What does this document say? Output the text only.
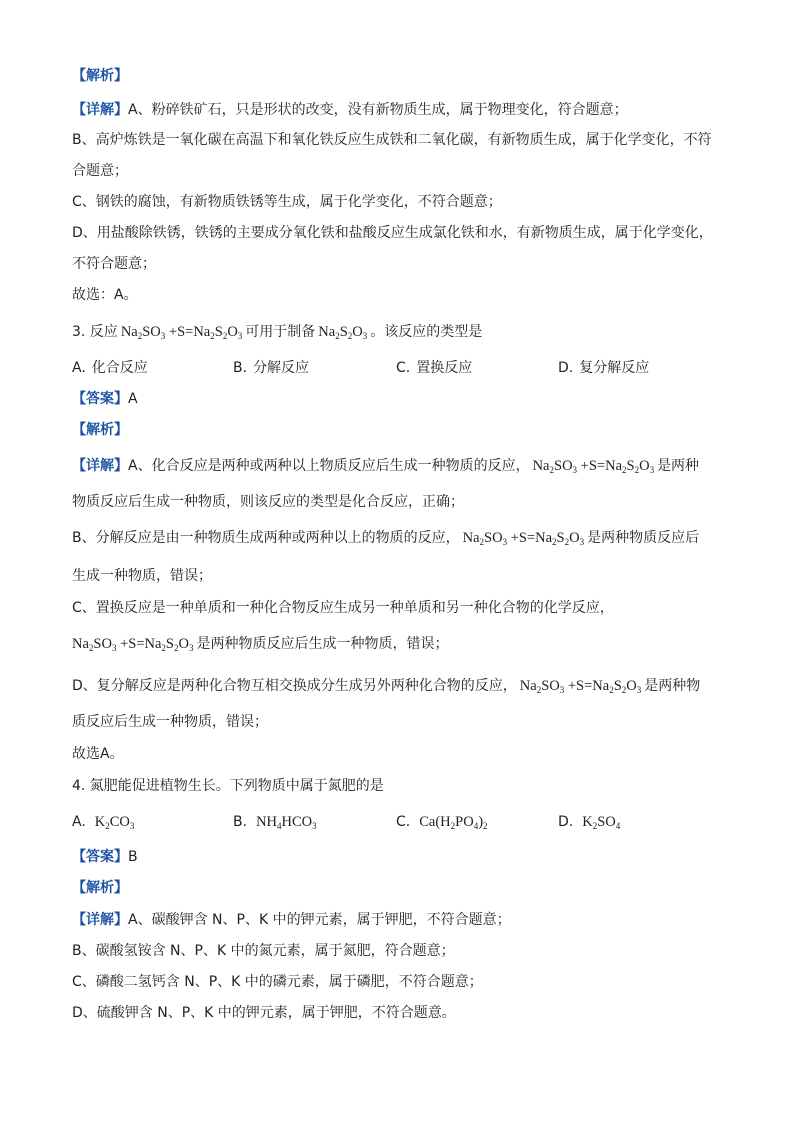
【解析】
【详解】A、粉碎铁矿石，只是形状的改变，没有新物质生成，属于物理变化，符合题意；
B、高炉炼铁是一氧化碳在高温下和氧化铁反应生成铁和二氧化碳，有新物质生成，属于化学变化，不符
合题意；
C、钢铁的腐蚀，有新物质铁锈等生成，属于化学变化，不符合题意；
D、用盐酸除铁锈，铁锈的主要成分氧化铁和盐酸反应生成氯化铁和水，有新物质生成，属于化学变化，
不符合题意；
故选：A。
3. 反应 $Na_2SO_3 +S=Na_2S_2O_3$ 可用于制备 $Na_2S_2O_3$ 。该反应的类型是
A. 化合反应	B. 分解反应	C. 置换反应	D. 复分解反应
【答案】A
【解析】
【详解】A、化合反应是两种或两种以上物质反应后生成一种物质的反应， $Na_2SO_3 +S=Na_2S_2O_3$ 是两种
物质反应后生成一种物质，则该反应的类型是化合反应，正确；
B、分解反应是由一种物质生成两种或两种以上的物质的反应， $Na_2SO_3 +S=Na_2S_2O_3$ 是两种物质反应后
生成一种物质，错误；
C、置换反应是一种单质和一种化合物反应生成另一种单质和另一种化合物的化学反应，
$Na_2SO_3 +S=Na_2S_2O_3$ 是两种物质反应后生成一种物质，错误；
D、复分解反应是两种化合物互相交换成分生成另外两种化合物的反应， $Na_2SO_3 +S=Na_2S_2O_3$ 是两种物
质反应后生成一种物质，错误；
故选A。
4. 氮肥能促进植物生长。下列物质中属于氮肥的是
A. $K_2CO_3$	B. $NH_4HCO_3$	C. $Ca(H_2PO_4)_2$	D. $K_2SO_4$
【答案】B
【解析】
【详解】A、碳酸钾含 N、P、K 中的钾元素，属于钾肥，不符合题意；
B、碳酸氢铵含 N、P、K 中的氮元素，属于氮肥，符合题意；
C、磷酸二氢钙含 N、P、K 中的磷元素，属于磷肥，不符合题意；
D、硫酸钾含 N、P、K 中的钾元素，属于钾肥，不符合题意。
